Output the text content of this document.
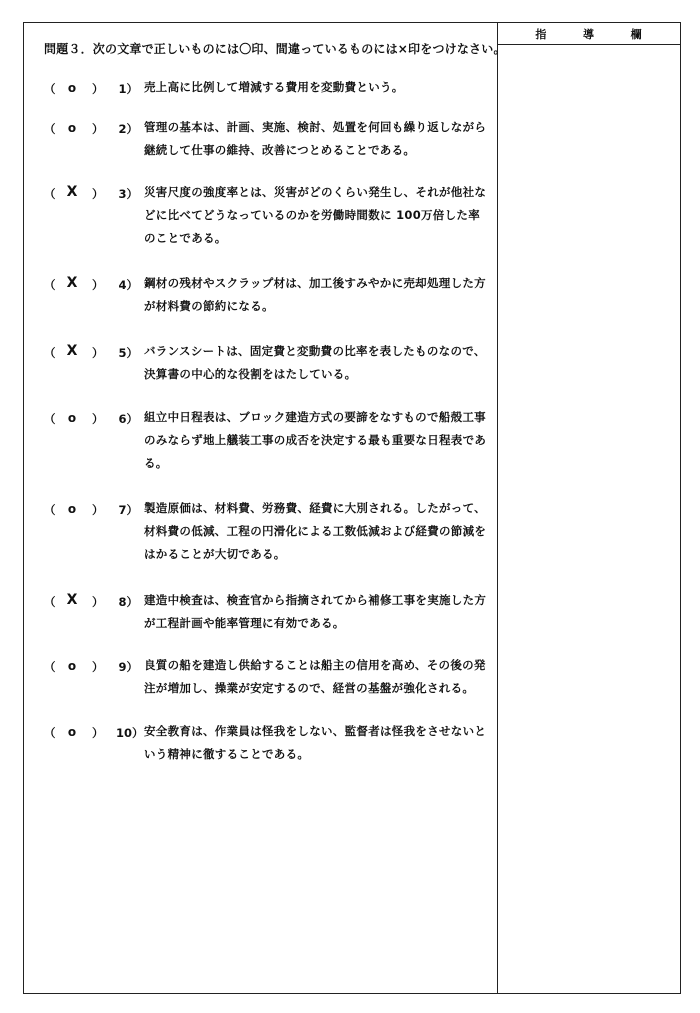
指	導	欄
問題３．次の文章で正しいものには〇印、間違っているものには×印をつけなさい。
（ o ） 1） 売上高に比例して増減する費用を変動費という。
（ o ） 2） 管理の基本は、計画、実施、検討、処置を何回も繰り返しながら継続して仕事の維持、改善につとめることである。
（ X ） 3） 災害尺度の強度率とは、災害がどのくらい発生し、それが他社などに比べてどうなっているのかを労働時間数に 100万倍した率のことである。
（ X ） 4） 鋼材の残材やスクラップ材は、加工後すみやかに売却処理した方が材料費の節約になる。
（ X ） 5） バランスシートは、固定費と変動費の比率を表したものなので、決算書の中心的な役割をはたしている。
（ o ） 6） 組立中日程表は、ブロック建造方式の要諦をなすもので船殻工事のみならず地上艤装工事の成否を決定する最も重要な日程表である。
（ o ） 7） 製造原価は、材料費、労務費、経費に大別される。したがって、材料費の低減、工程の円滑化による工数低減および経費の節減をはかることが大切である。
（ X ） 8） 建造中検査は、検査官から指摘されてから補修工事を実施した方が工程計画や能率管理に有効である。
（ o ） 9） 良質の船を建造し供給することは船主の信用を高め、その後の発注が増加し、操業が安定するので、経営の基盤が強化される。
（ o ） 10） 安全教育は、作業員は怪我をしない、監督者は怪我をさせないという精神に徹することである。
